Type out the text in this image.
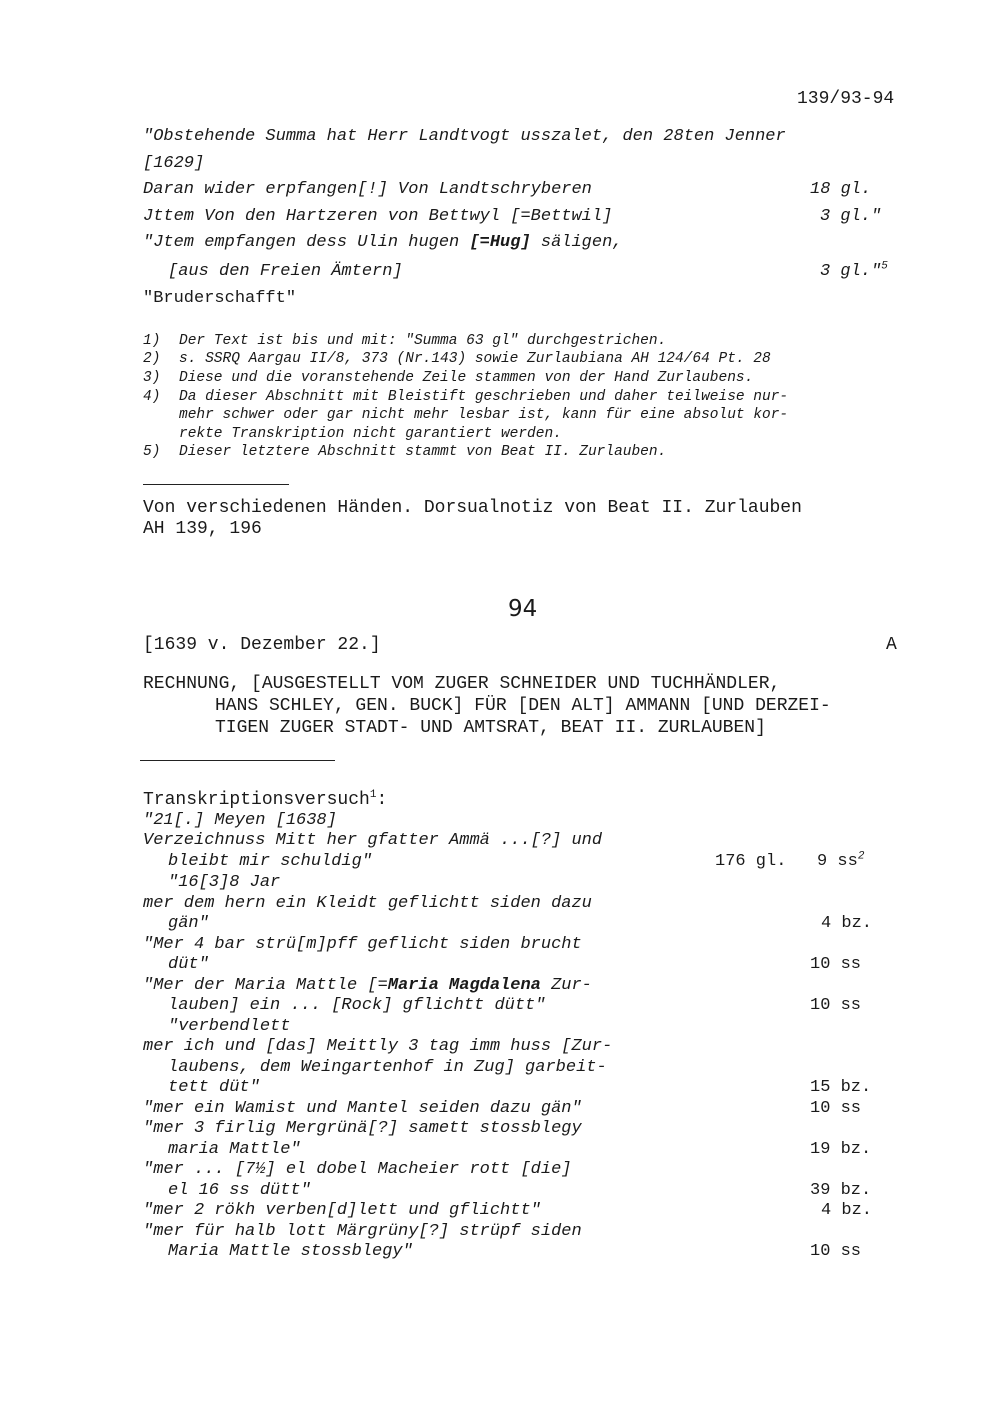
139/93-94
"Obstehende Summa hat Herr Landtvogt usszalet, den 28ten Jenner
[1629]
Daran wider erpfangen[!] Von Landtschryberen	18 gl.
Jttem Von den Hartzeren von Bettwyl [=Bettwil]	3 gl."
"Jtem empfangen dess Ulin hugen [=Hug] säligen,
[aus den Freien Ämtern]	3 gl."$^5$
"Bruderschafft"
1) Der Text ist bis und mit: "Summa 63 gl" durchgestrichen.
2) s. SSRQ Aargau II/8, 373 (Nr.143) sowie Zurlaubiana AH 124/64 Pt. 28
3) Diese und die voranstehende Zeile stammen von der Hand Zurlaubens.
4) Da dieser Abschnitt mit Bleistift geschrieben und daher teilweise nur-
mehr schwer oder gar nicht mehr lesbar ist, kann für eine absolut kor-
rekte Transkription nicht garantiert werden.
5) Dieser letztere Abschnitt stammt von Beat II. Zurlauben.
Von verschiedenen Händen. Dorsualnotiz von Beat II. Zurlauben
AH 139, 196
94
[1639 v. Dezember 22.]	A
RECHNUNG, [AUSGESTELLT VOM ZUGER SCHNEIDER UND TUCHHÄNDLER,
HANS SCHLEY, GEN. BUCK] FÜR [DEN ALT] AMMANN [UND DERZEI-
TIGEN ZUGER STADT- UND AMTSRAT, BEAT II. ZURLAUBEN]
Transkriptionsversuch$^1$:
"21[.] Meyen [1638]
Verzeichnuss Mitt her gfatter Ammä ...[?] und
bleibt mir schuldig"	176 gl.   9 $ss^2$
"16[3]8 Jar
mer dem hern ein Kleidt geflichtt siden dazu
gän"	4 bz.
"Mer 4 bar strü[m]pff geflicht siden brucht
düt"	10 ss
"Mer der Maria Mattle [=Maria Magdalena Zur-
lauben] ein ... [Rock] gflichtt dütt"	10 ss
"verbendlett
mer ich und [das] Meittly 3 tag imm huss [Zur-
laubens, dem Weingartenhof in Zug] garbeit-
tett düt"	15 bz.
"mer ein Wamist und Mantel seiden dazu gän"	10 ss
"mer 3 firlig Mergrünä[?] samett stossblegy
maria Mattle"	19 bz.
"mer ... [7½] el dobel Macheier rott [die]
el 16 ss dütt"	39 bz.
"mer 2 rökh verben[d]lett und gflichtt"	4 bz.
"mer für halb lott Märgrüny[?] strüpf siden
Maria Mattle stossblegy"	10 ss
